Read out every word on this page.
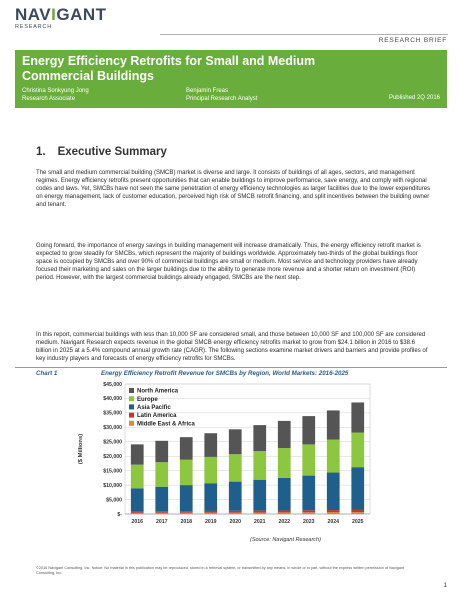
NAVIGANT
RESEARCH
RESEARCH BRIEF
Energy Efficiency Retrofits for Small and Medium Commercial Buildings
Christina Sonkyung Jong
Research Associate
Benjamin Freas
Principal Research Analyst	Published 2Q 2016
1. Executive Summary
The small and medium commercial building (SMCB) market is diverse and large. It consists of buildings of all ages, sectors, and management regimes. Energy efficiency retrofits present opportunities that can enable buildings to improve performance, save energy, and comply with regional codes and laws. Yet, SMCBs have not seen the same penetration of energy efficiency technologies as larger facilities due to the lower expenditures on energy management, lack of customer education, perceived high risk of SMCB retrofit financing, and split incentives between the building owner and tenant.
Going forward, the importance of energy savings in building management will increase dramatically. Thus, the energy efficiency retrofit market is expected to grow steadily for SMCBs, which represent the majority of buildings worldwide. Approximately two-thirds of the global buildings floor space is occupied by SMCBs and over 90% of commercial buildings are small or medium. Most service and technology providers have already focused their marketing and sales on the larger buildings due to the ability to generate more revenue and a shorter return on investment (ROI) period. However, with the largest commercial buildings already engaged, SMCBs are the next step.
In this report, commercial buildings with less than 10,000 SF are considered small, and those between 10,000 SF and 100,000 SF are considered medium. Navigant Research expects revenue in the global SMCB energy efficiency retrofits market to grow from $24.1 billion in 2016 to $38.6 billion in 2025 at a 5.4% compound annual growth rate (CAGR). The following sections examine market drivers and barriers and provide profiles of key industry players and forecasts of energy efficiency retrofits for SMCBs.
Chart 1	Energy Efficiency Retrofit Revenue for SMCBs by Region, World Markets: 2016-2025
$-
$5,000
$10,000
$15,000
$20,000
$25,000
$30,000
$35,000
$40,000
$45,000
($ Millions)
2016 2017 2018 2019 2020 2021 2022 2023 2024 2025
North America
Europe
Asia Pacific
Latin America
Middle East & Africa
(Source: Navigant Research)
©2016 Navigant Consulting, Inc. Notice: No material in this publication may be reproduced, stored in a retrieval system, or transmitted by any means, in whole or in part, without the express written permission of Navigant Consulting, Inc.
1
